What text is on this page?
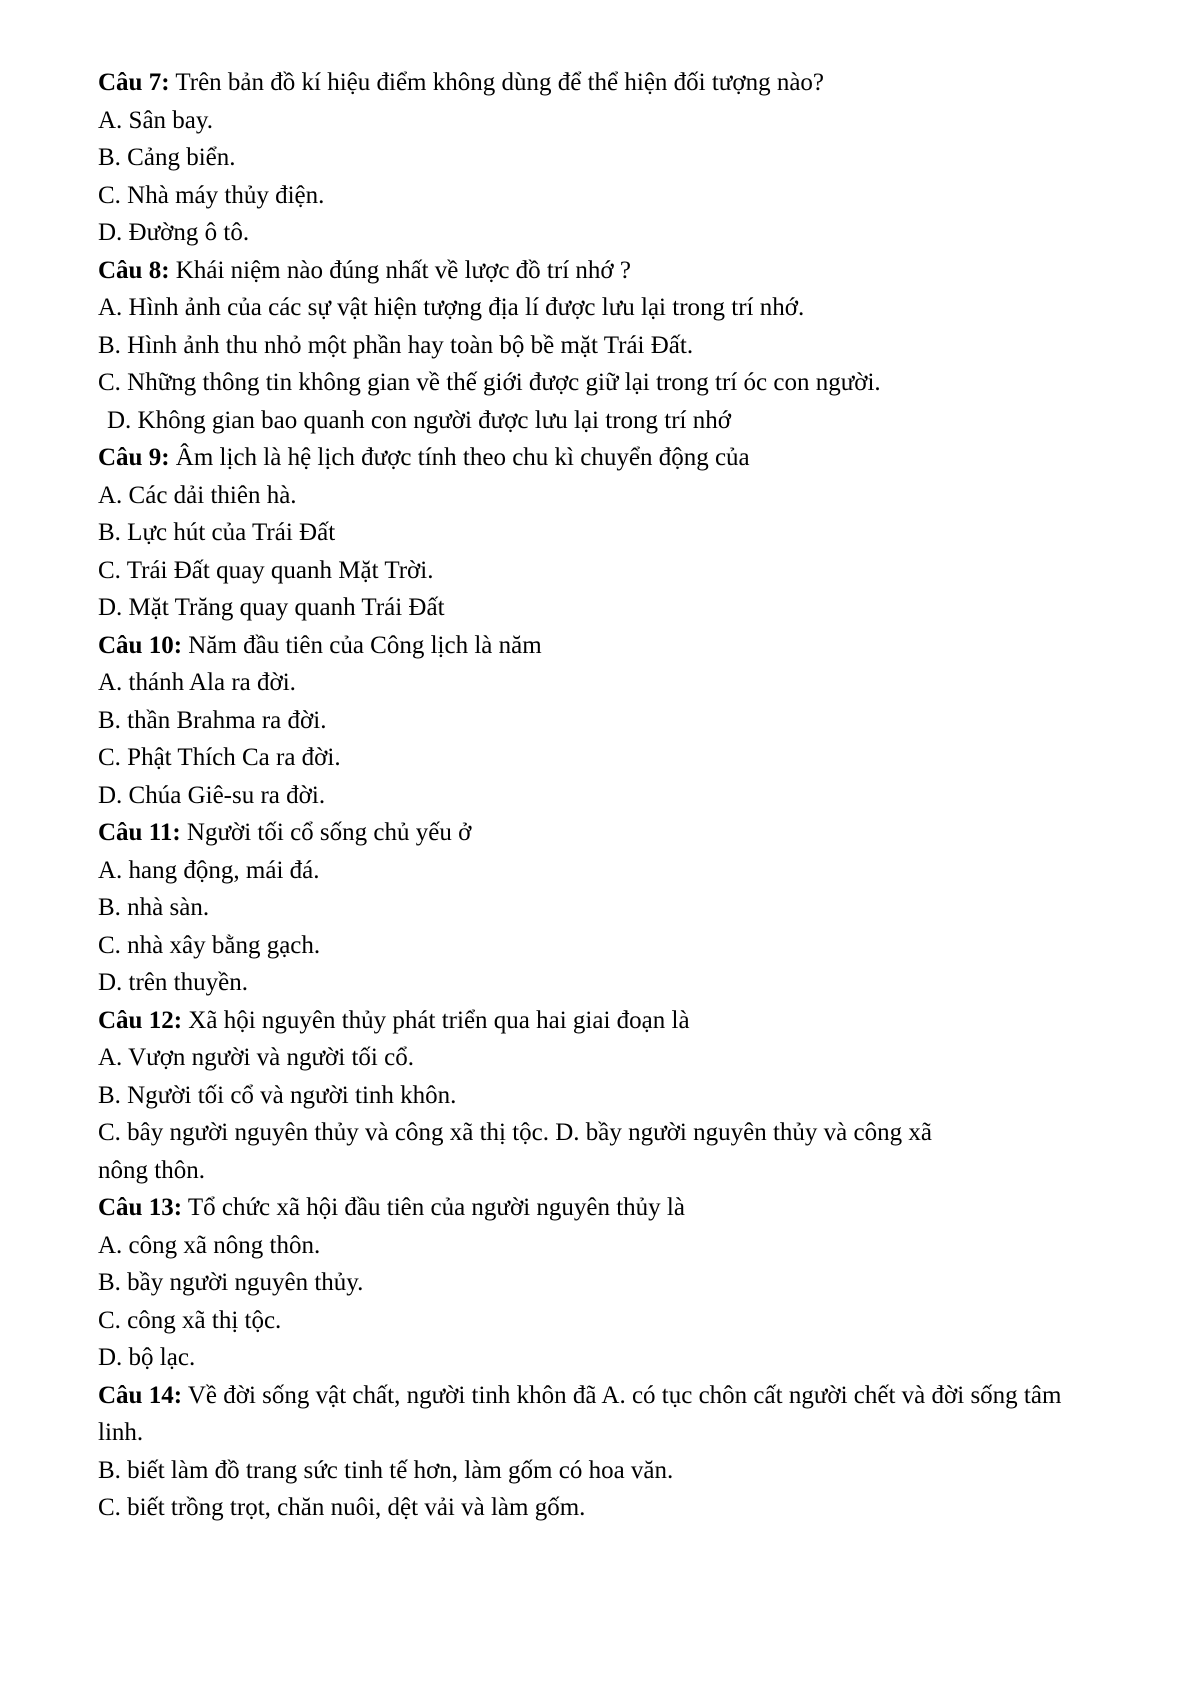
Câu 7: Trên bản đồ kí hiệu điểm không dùng để thể hiện đối tượng nào?

A. Sân bay.

B. Cảng biển.

C. Nhà máy thủy điện.

D. Đường ô tô.

Câu 8: Khái niệm nào đúng nhất về lược đồ trí nhớ ?

A. Hình ảnh của các sự vật hiện tượng địa lí được lưu lại trong trí nhớ.

B. Hình ảnh thu nhỏ một phần hay toàn bộ bề mặt Trái Đất.

C. Những thông tin không gian về thế giới được giữ lại trong trí óc con người.

D. Không gian bao quanh con người được lưu lại trong trí nhớ

Câu 9: Âm lịch là hệ lịch được tính theo chu kì chuyển động của

A. Các dải thiên hà.

B. Lực hút của Trái Đất

C. Trái Đất quay quanh Mặt Trời.

D. Mặt Trăng quay quanh Trái Đất

Câu 10: Năm đầu tiên của Công lịch là năm

A. thánh Ala ra đời.

B. thần Brahma ra đời.

C. Phật Thích Ca ra đời.

D. Chúa Giê-su ra đời.

Câu 11: Người tối cổ sống chủ yếu ở

A. hang động, mái đá.

B. nhà sàn.

C. nhà xây bằng gạch.

D. trên thuyền.

Câu 12: Xã hội nguyên thủy phát triển qua hai giai đoạn là

A. Vượn người và người tối cổ.

B. Người tối cổ và người tinh khôn.

C. bây người nguyên thủy và công xã thị tộc. D. bầy người nguyên thủy và công xã nông thôn.

Câu 13: Tổ chức xã hội đầu tiên của người nguyên thủy là

A. công xã nông thôn.

B. bầy người nguyên thủy.

C. công xã thị tộc.

D. bộ lạc.

Câu 14: Về đời sống vật chất, người tinh khôn đã A. có tục chôn cất người chết và đời sống tâm linh.

B. biết làm đồ trang sức tinh tế hơn, làm gốm có hoa văn.

C. biết trồng trọt, chăn nuôi, dệt vải và làm gốm.
